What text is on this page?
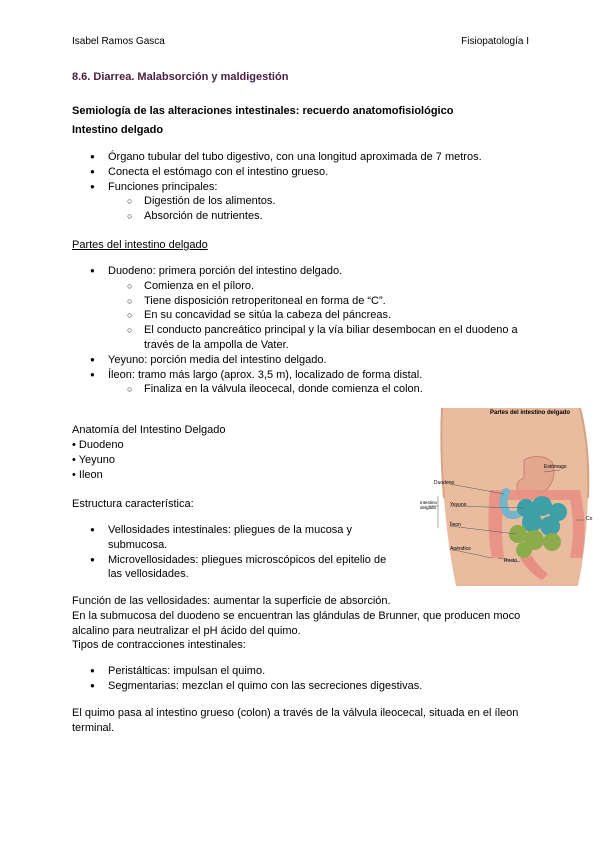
Isabel Ramos Gasca	Fisiopatología I
8.6. Diarrea. Malabsorción y maldigestión
Semiología de las alteraciones intestinales: recuerdo anatomofisiológico
Intestino delgado
● Órgano tubular del tubo digestivo, con una longitud aproximada de 7 metros.
● Conecta el estómago con el intestino grueso.
● Funciones principales:
○ Digestión de los alimentos.
○ Absorción de nutrientes.
Partes del intestino delgado
● Duodeno: primera porción del intestino delgado.
○ Comienza en el píloro.
○ Tiene disposición retroperitoneal en forma de “C”.
○ En su concavidad se sitúa la cabeza del páncreas.
○ El conducto pancreático principal y la vía biliar desembocan en el duodeno a través de la ampolla de Vater.
● Yeyuno: porción media del intestino delgado.
● Íleon: tramo más largo (aprox. 3,5 m), localizado de forma distal.
○ Finaliza en la válvula ileocecal, donde comienza el colon.
Anatomía del Intestino Delgado
• Duodeno
• Yeyuno
• Ileon
Estructura característica:
● Vellosidades intestinales: pliegues de la mucosa y submucosa.
● Microvellosidades: pliegues microscópicos del epitelio de las vellosidades.
Función de las vellosidades: aumentar la superficie de absorción.
En la submucosa del duodeno se encuentran las glándulas de Brunner, que producen moco alcalino para neutralizar el pH ácido del quimo.
Tipos de contracciones intestinales:
● Peristálticas: impulsan el quimo.
● Segmentarias: mezclan el quimo con las secreciones digestivas.
El quimo pasa al intestino grueso (colon) a través de la válvula ileocecal, situada en el íleon terminal.
Partes del intestino delgado
Estómago
Duodeno
Intestino delgado	Yeyuno
Íleon
Apéndice
Recto
Co
